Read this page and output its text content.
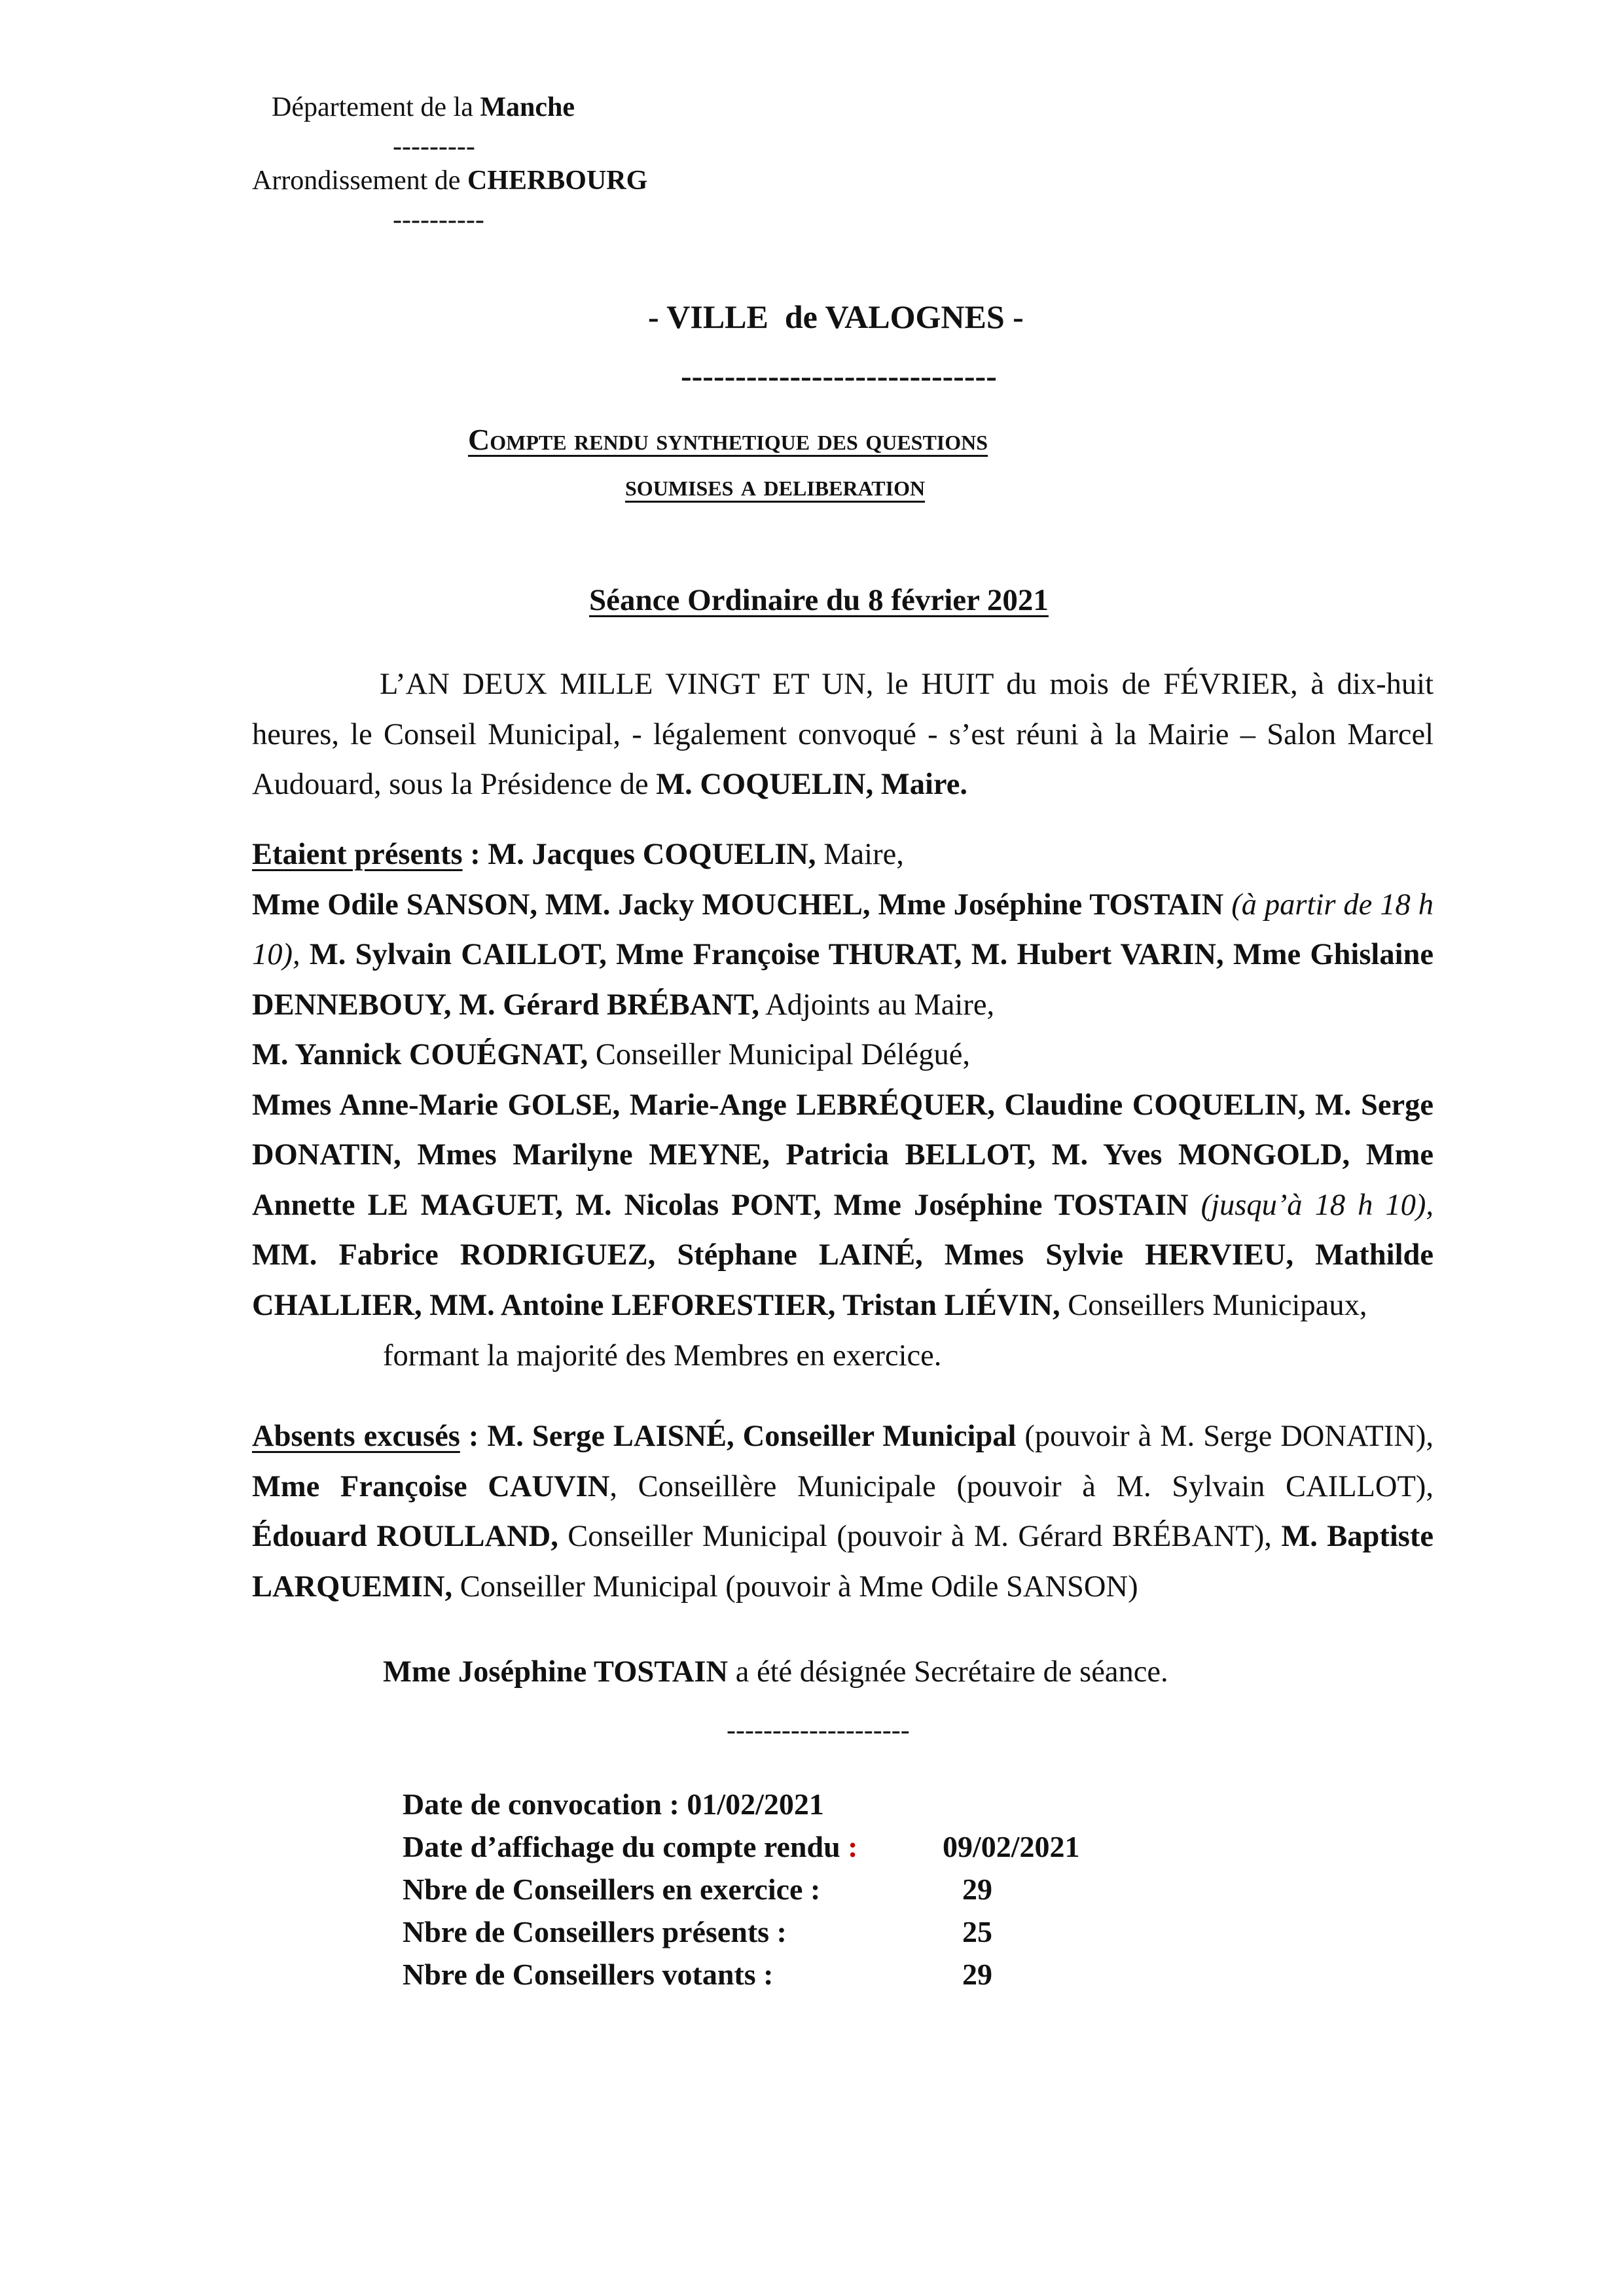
Département de la Manche
---------
Arrondissement de CHERBOURG
----------
- VILLE  de VALOGNES -
-----------------------------
Compte rendu synthetique des questions
soumises a deliberation
Séance Ordinaire du 8 février 2021
L’AN DEUX MILLE VINGT ET UN, le HUIT du mois de FÉVRIER, à dix-huit heures, le Conseil Municipal, - légalement convoqué - s’est réuni à la Mairie – Salon Marcel Audouard, sous la Présidence de M. COQUELIN, Maire.
Etaient présents : M. Jacques COQUELIN, Maire,
Mme Odile SANSON, MM. Jacky MOUCHEL, Mme Joséphine TOSTAIN (à partir de 18 h 10), M. Sylvain CAILLOT, Mme Françoise THURAT, M. Hubert VARIN, Mme Ghislaine DENNEBOUY, M. Gérard BRÉBANT, Adjoints au Maire,
M. Yannick COUÉGNAT, Conseiller Municipal Délégué,
Mmes Anne-Marie GOLSE, Marie-Ange LEBRÉQUER, Claudine COQUELIN, M. Serge DONATIN, Mmes Marilyne MEYNE, Patricia BELLOT, M. Yves MONGOLD, Mme Annette LE MAGUET, M. Nicolas PONT, Mme Joséphine TOSTAIN (jusqu’à 18 h 10), MM. Fabrice RODRIGUEZ, Stéphane LAINÉ, Mmes Sylvie HERVIEU, Mathilde CHALLIER, MM. Antoine LEFORESTIER, Tristan LIÉVIN, Conseillers Municipaux,
formant la majorité des Membres en exercice.
Absents excusés : M. Serge LAISNÉ, Conseiller Municipal (pouvoir à M. Serge DONATIN), Mme Françoise CAUVIN, Conseillère Municipale (pouvoir à M. Sylvain CAILLOT), Édouard ROULLAND, Conseiller Municipal (pouvoir à M. Gérard BRÉBANT), M. Baptiste LARQUEMIN, Conseiller Municipal (pouvoir à Mme Odile SANSON)
Mme Joséphine TOSTAIN a été désignée Secrétaire de séance.
--------------------
Date de convocation : 01/02/2021
Date d’affichage du compte rendu :	09/02/2021
Nbre de Conseillers en exercice :	29
Nbre de Conseillers présents :	25
Nbre de Conseillers votants :	29
